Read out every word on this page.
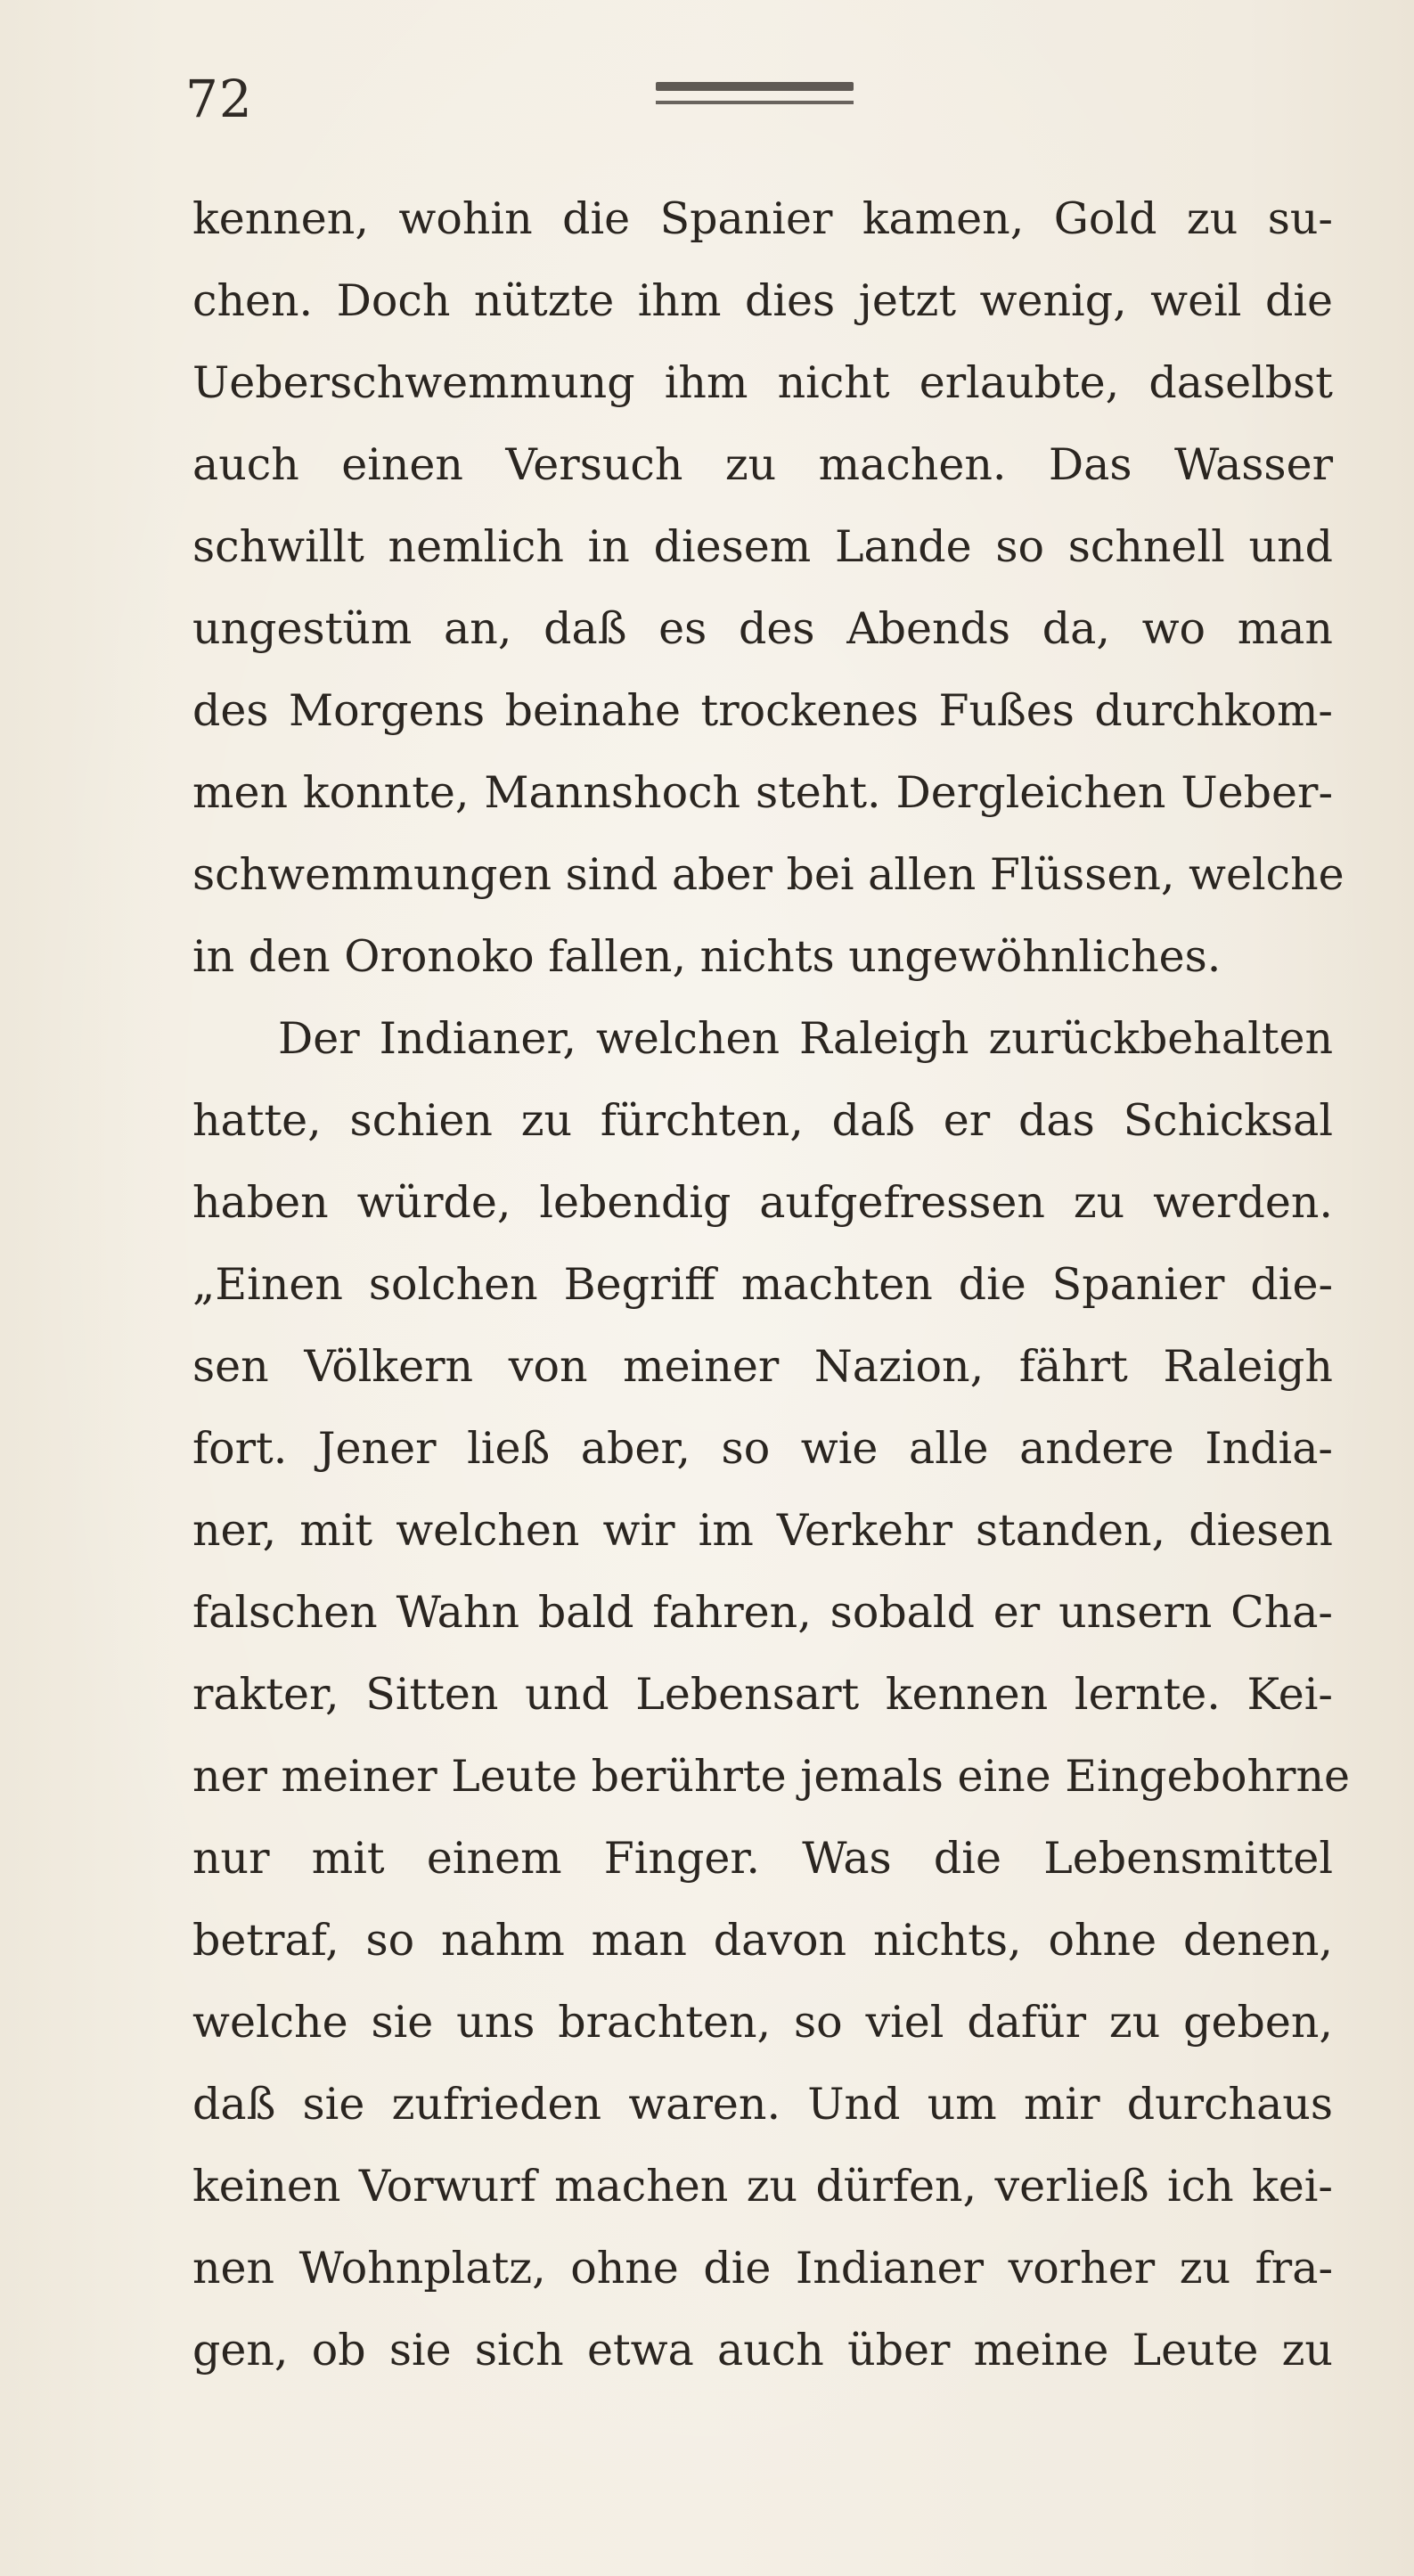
72
kennen, wohin die Spanier kamen, Gold zu su-
chen. Doch nützte ihm dies jetzt wenig, weil die
Ueberschwemmung ihm nicht erlaubte, daselbst
auch einen Versuch zu machen. Das Wasser
schwillt nemlich in diesem Lande so schnell und
ungestüm an, daß es des Abends da, wo man
des Morgens beinahe trockenes Fußes durchkom-
men konnte, Mannshoch steht. Dergleichen Ueber-
schwemmungen sind aber bei allen Flüssen, welche
in den Oronoko fallen, nichts ungewöhnliches.
Der Indianer, welchen Raleigh zurückbehalten
hatte, schien zu fürchten, daß er das Schicksal
haben würde, lebendig aufgefressen zu werden.
„Einen solchen Begriff machten die Spanier die-
sen Völkern von meiner Nazion, fährt Raleigh
fort. Jener ließ aber, so wie alle andere India-
ner, mit welchen wir im Verkehr standen, diesen
falschen Wahn bald fahren, sobald er unsern Cha-
rakter, Sitten und Lebensart kennen lernte. Kei-
ner meiner Leute berührte jemals eine Eingebohrne
nur mit einem Finger. Was die Lebensmittel
betraf, so nahm man davon nichts, ohne denen,
welche sie uns brachten, so viel dafür zu geben,
daß sie zufrieden waren. Und um mir durchaus
keinen Vorwurf machen zu dürfen, verließ ich kei-
nen Wohnplatz, ohne die Indianer vorher zu fra-
gen, ob sie sich etwa auch über meine Leute zu
